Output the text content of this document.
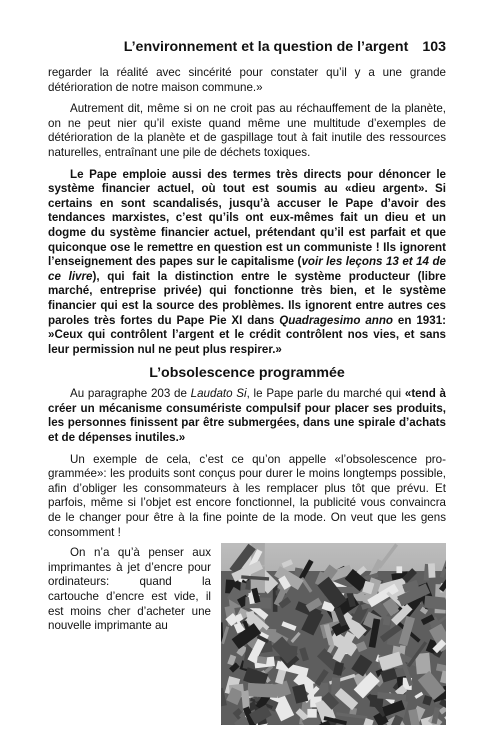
L’environnement et la question de l’argent 103

regarder la réalité avec sincérité pour constater qu’il y a une grande détérioration de notre maison commune.»

Autrement dit, même si on ne croit pas au réchauffement de la planète, on ne peut nier qu’il existe quand même une multitude d’exemples de détérioration de la planète et de gaspillage tout à fait inutile des ressources naturelles, entraînant une pile de déchets toxiques.

Le Pape emploie aussi des termes très directs pour dénoncer le système financier actuel, où tout est soumis au «dieu argent». Si certains en sont scandalisés, jusqu’à accuser le Pape d’avoir des tendances marxistes, c’est qu’ils ont eux-mêmes fait un dieu et un dogme du système financier actuel, prétendant qu’il est parfait et que quiconque ose le remettre en question est un communiste ! Ils ignorent l’enseignement des papes sur le capitalisme (voir les leçons 13 et 14 de ce livre), qui fait la distinction entre le système producteur (libre marché, entreprise privée) qui fonctionne très bien, et le système financier qui est la source des problèmes. Ils ignorent entre autres ces paroles très fortes du Pape Pie XI dans Quadragesimo anno en 1931: »Ceux qui contrôlent l’argent et le crédit contrôlent nos vies, et sans leur permission nul ne peut plus respirer.»

L’obsolescence programmée

Au paragraphe 203 de Laudato Si, le Pape parle du marché qui «tend à créer un mécanisme consumériste compulsif pour placer ses produits, les personnes finissent par être submergées, dans une spirale d’achats et de dépenses inutiles.»

Un exemple de cela, c’est ce qu’on appelle «l’obsolescence programmée»: les produits sont conçus pour durer le moins longtemps possible, afin d’obliger les consommateurs à les remplacer plus tôt que prévu. Et parfois, même si l’objet est encore fonctionnel, la publicité vous convaincra de le changer pour être à la fine pointe de la mode. On veut que les gens consomment !

On n’a qu’à penser aux imprimantes à jet d’encre pour ordinateurs: quand la cartouche d’encre est vide, il est moins cher d’acheter une nouvelle imprimante au
